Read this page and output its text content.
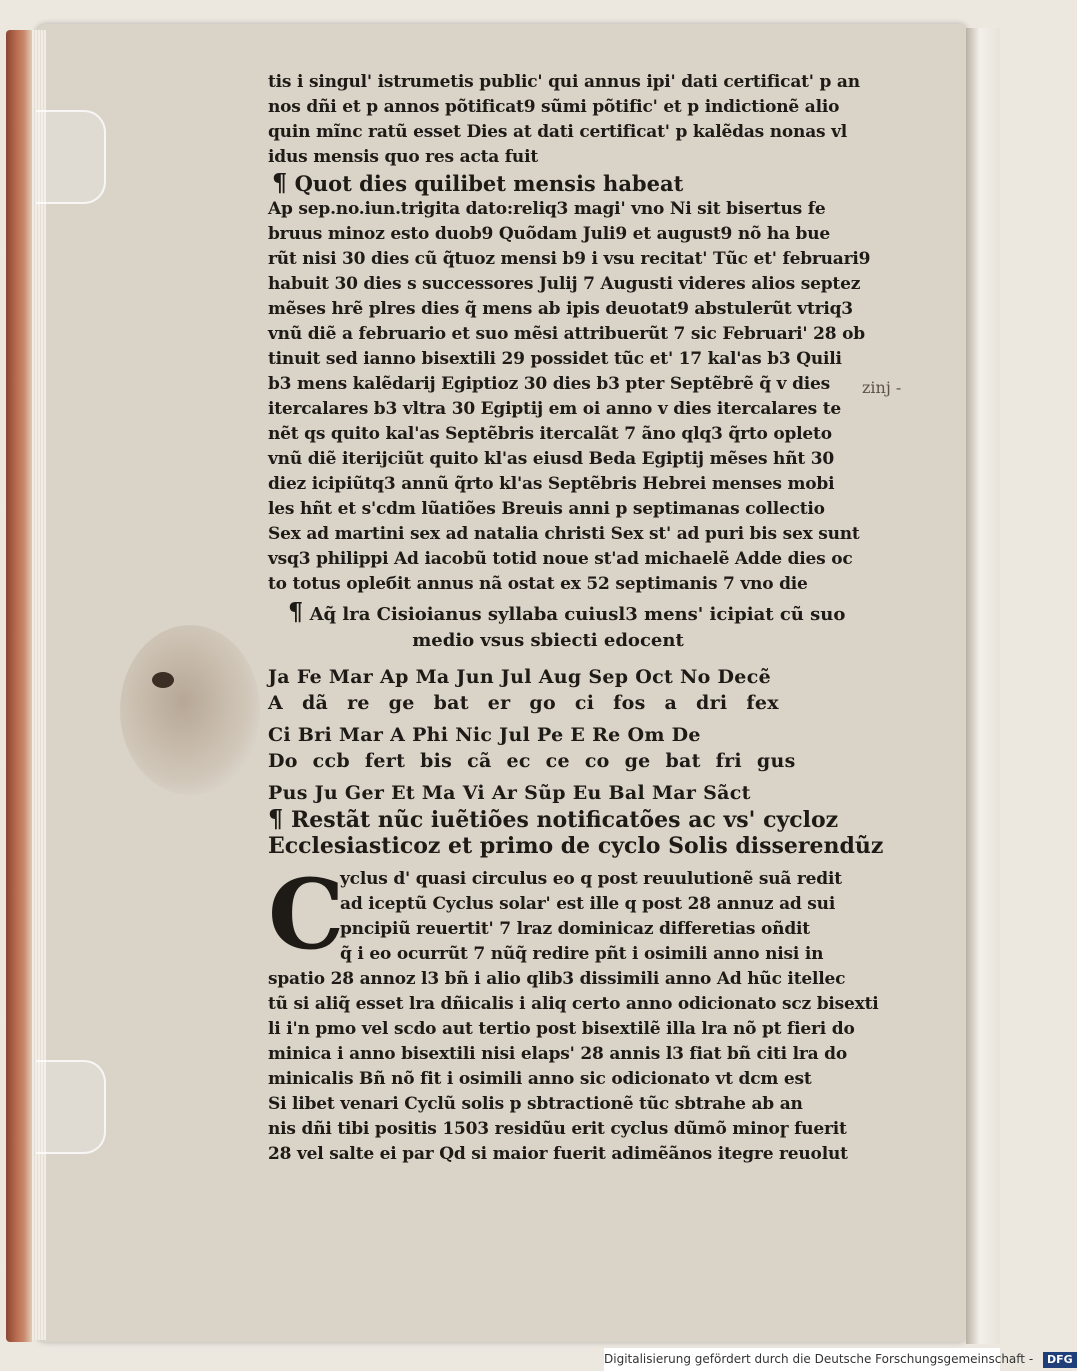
zinj -
tis i singul' istrumetis public' qui annus ipi' dati certificat' p an
nos dñi et p annos põtificat9 sũmi põtific' et p indictionẽ alio
quin mĩnc ratũ esset Dies at dati certificat' p kalẽdas nonas vl
idus mensis quo res acta fuit
¶ Quot dies quilibet mensis habeat
Ap sep.no.iun.trigita dato:reliq3 magi' vno Ni sit bisertus fe
bruus minoz esto duob9 Quõdam Juli9 et august9 nõ ha bue
rũt nisi 30 dies cũ q̃tuoz mensi b9 i vsu recitat' Tũc et' februari9
habuit 30 dies s successores Julij 7 Augusti videres alios septez
mẽses hrẽ plres dies q̃ mens ab ipis deuotat9 abstulerũt vtriq3
vnũ diẽ a februario et suo mẽsi attribuerũt 7 sic Februari' 28 ob
tinuit sed ianno bisextili 29 possidet tũc et' 17 kal'as b3 Quili
b3 mens kalẽdarij Egiptioz 30 dies b3 pter Septẽbrẽ q̃ v dies
itercalares b3 vltra 30 Egiptij em oi anno v dies itercalares te
nẽt qs quito kal'as Septẽbris itercalãt 7 ãno qlq3 q̃rto opleto
vnũ diẽ iterijciũt quito kl'as eiusd Beda Egiptij mẽses hñt 30
diez icipiũtq3 annũ q̃rto kl'as Septẽbris Hebrei menses mobi
les hñt et s'cdm lũatiões Breuis anni p septimanas collectio
Sex ad martini sex ad natalia christi Sex st' ad puri bis sex sunt
vsq3 philippi Ad iacobũ totid noue st'ad michaelẽ Adde dies oc
to totus opleбit annus nã ostat ex 52 septimanis 7 vno die
¶ Aq̃ lra Cisioianus syllaba cuiusl3 mens' icipiat cũ suo
medio vsus sbiecti edocent
Ja Fe Mar Ap Ma Jun Jul Aug Sep Oct No Decẽ
A dã re ge bat er go ci fos a dri fex
Ci Bri Mar A Phi Nic Jul Pe E Re Om De
Do ccb fert bis cã ec ce co ge bat fri gus
Pus Ju Ger Et Ma Vi Ar Sũp Eu Bal Mar Sãct
¶ Restãt nũc iuẽtiões notificatões ac vs' cycloz
Ecclesiasticoz et primo de cyclo Solis disserendũz
C
yclus d' quasi circulus eo q post reuulutionẽ suã redit
ad iceptũ Cyclus solar' est ille q post 28 annuz ad sui
pncipiũ reuertit' 7 lraz dominicaz differetias oñdit
q̃ i eo ocurrũt 7 nũq̃ redire pñt i osimili anno nisi in
spatio 28 annoz l3 bñ i alio qlib3 dissimili anno Ad hũc itellec
tũ si aliq̃ esset lra dñicalis i aliq certo anno odicionato scz bisexti
li i'n pmo vel scdo aut tertio post bisextilẽ illa lra nõ pt fieri do
minica i anno bisextili nisi elaps' 28 annis l3 fiat bñ citi lra do
minicalis Bñ nõ fit i osimili anno sic odicionato vt dcm est
Si libet venari Cyclũ solis p sbtractionẽ tũc sbtrahe ab an
nis dñi tibi positis 1503 residũu erit cyclus dũmõ minoɼ fuerit
28 vel salte ei par Qd si maior fuerit adimẽãnos itegre reuolut
Digitalisierung gefördert durch die Deutsche Forschungsgemeinschaft - DFG
